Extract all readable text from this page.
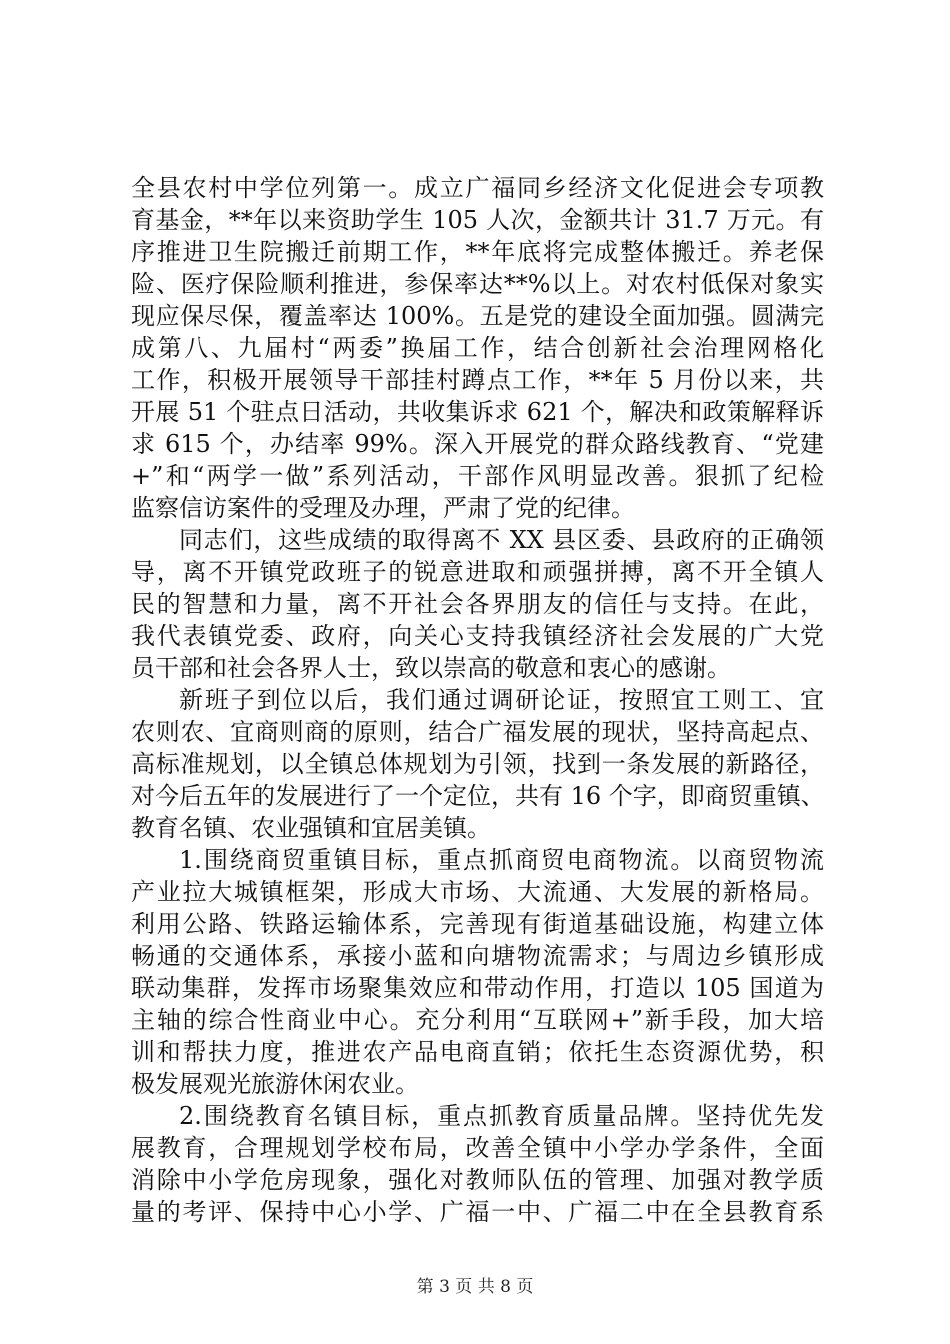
全县农村中学位列第一。成立广福同乡经济文化促进会专项教
育基金，**年以来资助学生 105 人次，金额共计 31.7 万元。有
序推进卫生院搬迁前期工作，**年底将完成整体搬迁。养老保
险、医疗保险顺利推进，参保率达**%以上。对农村低保对象实
现应保尽保，覆盖率达 100%。五是党的建设全面加强。圆满完
成第八、九届村“两委”换届工作，结合创新社会治理网格化
工作，积极开展领导干部挂村蹲点工作，**年 5 月份以来，共
开展 51 个驻点日活动，共收集诉求 621 个，解决和政策解释诉
求 615 个，办结率 99%。深入开展党的群众路线教育、“党建
+”和“两学一做”系列活动，干部作风明显改善。狠抓了纪检
监察信访案件的受理及办理，严肃了党的纪律。
同志们，这些成绩的取得离不 XX 县区委、县政府的正确领
导，离不开镇党政班子的锐意进取和顽强拼搏，离不开全镇人
民的智慧和力量，离不开社会各界朋友的信任与支持。在此，
我代表镇党委、政府，向关心支持我镇经济社会发展的广大党
员干部和社会各界人士，致以崇高的敬意和衷心的感谢。
新班子到位以后，我们通过调研论证，按照宜工则工、宜
农则农、宜商则商的原则，结合广福发展的现状，坚持高起点、
高标准规划，以全镇总体规划为引领，找到一条发展的新路径，
对今后五年的发展进行了一个定位，共有 16 个字，即商贸重镇、
教育名镇、农业强镇和宜居美镇。
1.围绕商贸重镇目标，重点抓商贸电商物流。以商贸物流
产业拉大城镇框架，形成大市场、大流通、大发展的新格局。
利用公路、铁路运输体系，完善现有街道基础设施，构建立体
畅通的交通体系，承接小蓝和向塘物流需求；与周边乡镇形成
联动集群，发挥市场聚集效应和带动作用，打造以 105 国道为
主轴的综合性商业中心。充分利用“互联网+”新手段，加大培
训和帮扶力度，推进农产品电商直销；依托生态资源优势，积
极发展观光旅游休闲农业。
2.围绕教育名镇目标，重点抓教育质量品牌。坚持优先发
展教育，合理规划学校布局，改善全镇中小学办学条件，全面
消除中小学危房现象，强化对教师队伍的管理、加强对教学质
量的考评、保持中心小学、广福一中、广福二中在全县教育系
第 3 页 共 8 页
